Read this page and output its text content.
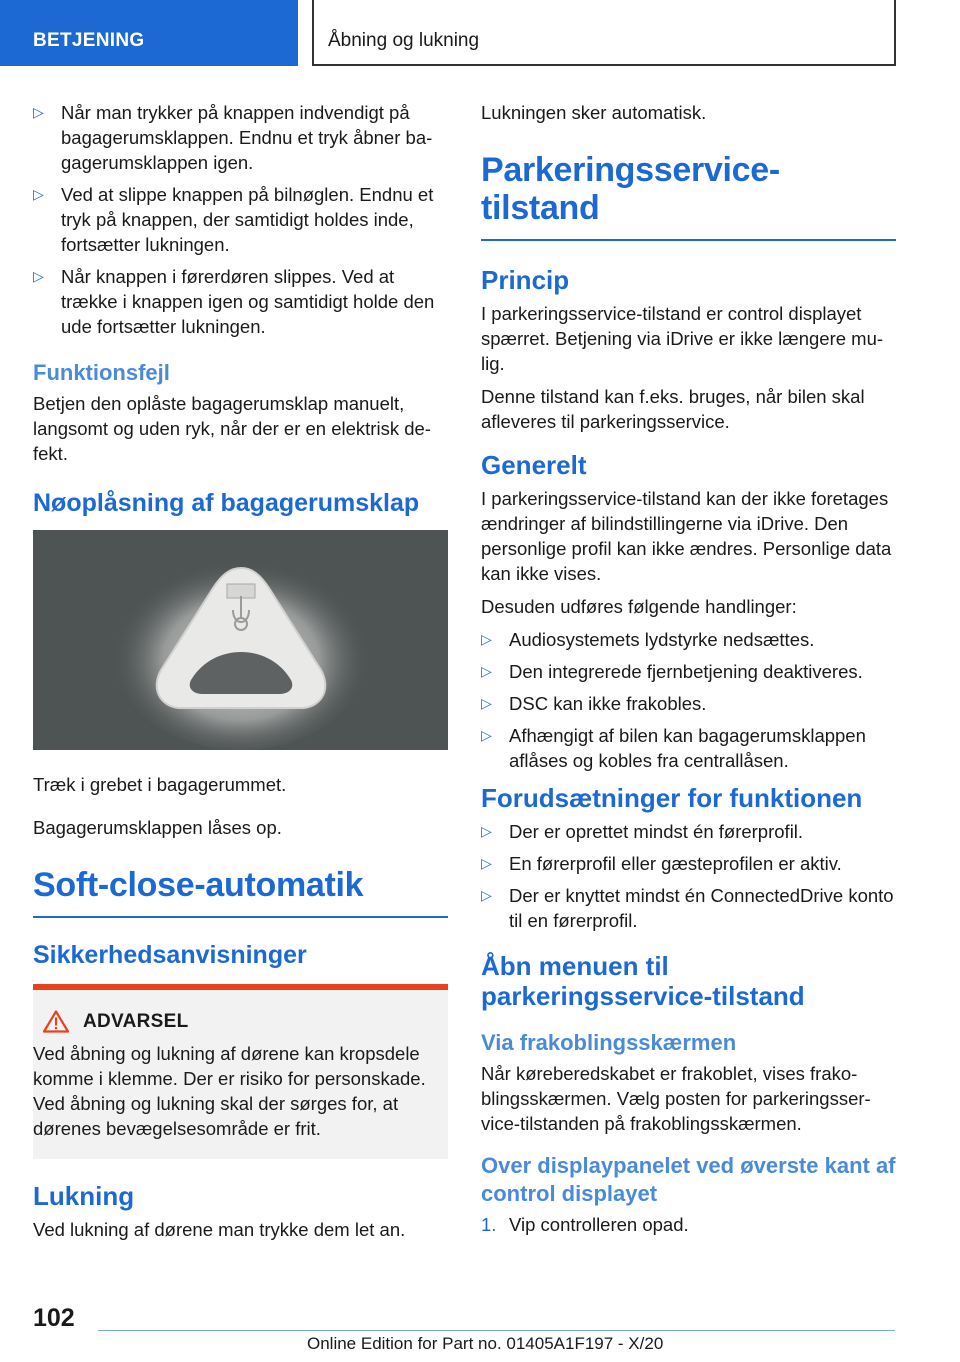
BETJENING	Åbning og lukning
▷ Når man trykker på knappen indvendigt på bagagerumsklappen. Endnu et tryk åbner bagagerumsklappen igen.
▷ Ved at slippe knappen på bilnøglen. Endnu et tryk på knappen, der samtidigt holdes inde, fortsætter lukningen.
▷ Når knappen i førerdøren slippes. Ved at trække i knappen igen og samtidigt holde den ude fortsætter lukningen.
Funktionsfejl

Betjen den oplåste bagagerumsklap manuelt, langsomt og uden ryk, når der er en elektrisk defekt.

Nøoplåsning af bagagerumsklap

Træk i grebet i bagagerummet.

Bagagerumsklappen låses op.

Soft-close-automatik
Sikkerhedsanvisninger
ADVARSEL

Ved åbning og lukning af dørene kan kropsdele komme i klemme. Der er risiko for personskade. Ved åbning og lukning skal der sørges for, at dørenes bevægelsesområde er frit.

Lukning

Ved lukning af dørene man trykke dem let an.

Lukningen sker automatisk.

Parkeringsservice-tilstand
Princip

I parkeringsservice-tilstand er control displayet spærret. Betjening via iDrive er ikke længere mulig.

Denne tilstand kan f.eks. bruges, når bilen skal afleveres til parkeringsservice.

Generelt

I parkeringsservice-tilstand kan der ikke foretages ændringer af bilindstillingerne via iDrive. Den personlige profil kan ikke ændres. Personlige data kan ikke vises.

Desuden udføres følgende handlinger:

▷ Audiosystemets lydstyrke nedsættes.
▷ Den integrerede fjernbetjening deaktiveres.
▷ DSC kan ikke frakobles.
▷ Afhængigt af bilen kan bagagerumsklappen aflåses og kobles fra centrallåsen.
Forudsætninger for funktionen
▷ Der er oprettet mindst én førerprofil.
▷ En førerprofil eller gæsteprofilen er aktiv.
▷ Der er knyttet mindst én ConnectedDrive konto til en førerprofil.
Åbn menuen til parkeringsservice-tilstand
Via frakoblingsskærmen

Når køreberedskabet er frakoblet, vises frakoblingsskærmen. Vælg posten for parkeringsservice-tilstanden på frakoblingsskærmen.

Over displaypanelet ved øverste kant af control displayet
1. Vip controlleren opad.
102
Online Edition for Part no. 01405A1F197 - X/20
